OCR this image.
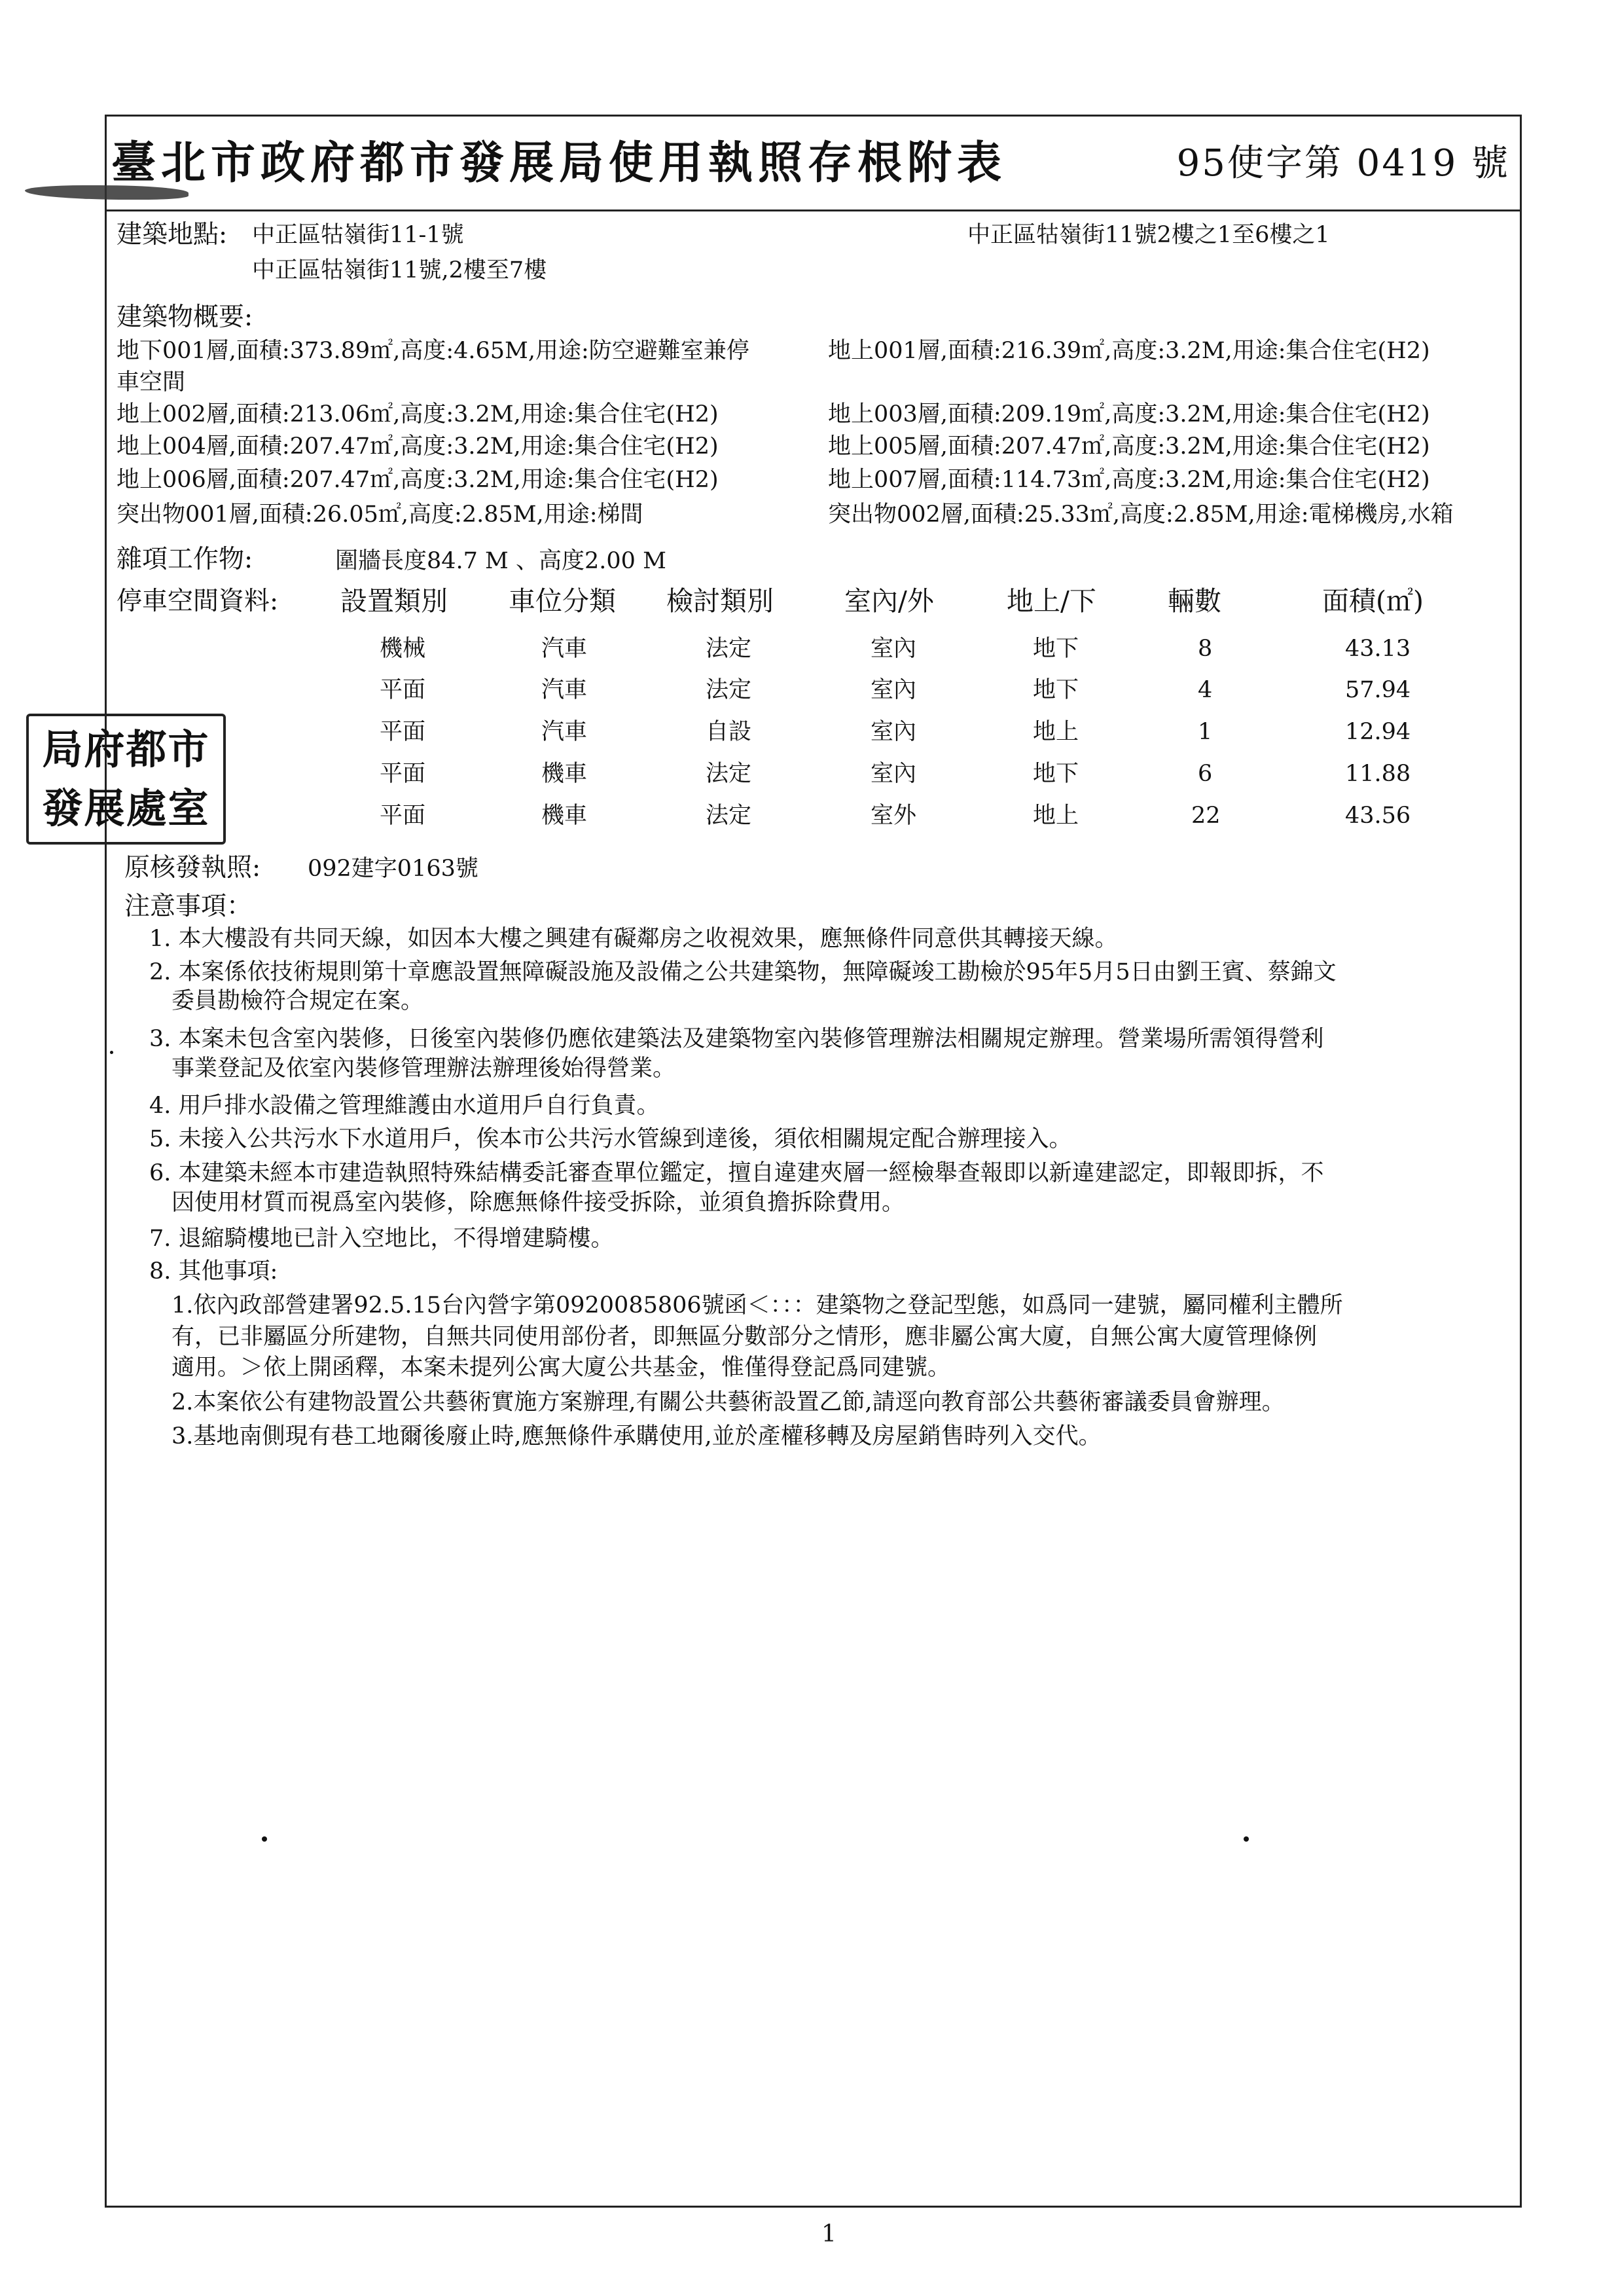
臺北市政府都市發展局使用執照存根附表	95使字第 0419 號
建築地點: 中正區牯嶺街11-1號
中正區牯嶺街11號,2樓至7樓
中正區牯嶺街11號2樓之1至6樓之1
建築物概要:
地下001層,面積:373.89㎡,高度:4.65M,用途:防空避難室兼停	地上001層,面積:216.39㎡,高度:3.2M,用途:集合住宅(H2)
車空間
地上002層,面積:213.06㎡,高度:3.2M,用途:集合住宅(H2)	地上003層,面積:209.19㎡,高度:3.2M,用途:集合住宅(H2)
地上004層,面積:207.47㎡,高度:3.2M,用途:集合住宅(H2)	地上005層,面積:207.47㎡,高度:3.2M,用途:集合住宅(H2)
地上006層,面積:207.47㎡,高度:3.2M,用途:集合住宅(H2)	地上007層,面積:114.73㎡,高度:3.2M,用途:集合住宅(H2)
突出物001層,面積:26.05㎡,高度:2.85M,用途:梯間	突出物002層,面積:25.33㎡,高度:2.85M,用途:電梯機房,水箱
雜項工作物:	圍牆長度84.7 M 、高度2.00 M
停車空間資料: 設置類別 車位分類 檢討類別	室內/外	地上/下	輛數	面積(㎡)
機械	汽車	法定	室內	地下	8	43.13
平面	汽車	法定	室內	地下	4	57.94
平面	汽車	自設	室內	地上	1	12.94
平面	機車	法定	室內	地下	6	11.88
平面	機車	法定	室外	地上	22	43.56
局府都市
發展處室
原核發執照: 092建字0163號
注意事項：
1. 本大樓設有共同天線，如因本大樓之興建有礙鄰房之收視效果，應無條件同意供其轉接天線。
2. 本案係依技術規則第十章應設置無障礙設施及設備之公共建築物，無障礙竣工勘檢於95年5月5日由劉王賓、蔡錦文
委員勘檢符合規定在案。
3. 本案未包含室內裝修，日後室內裝修仍應依建築法及建築物室內裝修管理辦法相關規定辦理。營業場所需領得營利
事業登記及依室內裝修管理辦法辦理後始得營業。
4. 用戶排水設備之管理維護由水道用戶自行負責。
5. 未接入公共污水下水道用戶，俟本市公共污水管線到達後，須依相關規定配合辦理接入。
6. 本建築未經本市建造執照特殊結構委託審查單位鑑定，擅自違建夾層一經檢舉查報即以新違建認定，即報即拆，不
因使用材質而視爲室內裝修，除應無條件接受拆除，並須負擔拆除費用。
7. 退縮騎樓地已計入空地比，不得增建騎樓。
8. 其他事項:
1.依內政部營建署92.5.15台內營字第0920085806號函＜：：：建築物之登記型態，如爲同一建號，屬同權利主體所
有，已非屬區分所建物，自無共同使用部份者，即無區分數部分之情形，應非屬公寓大廈，自無公寓大廈管理條例
適用。＞依上開函釋，本案未提列公寓大廈公共基金，惟僅得登記爲同建號。
2.本案依公有建物設置公共藝術實施方案辦理,有關公共藝術設置乙節,請逕向教育部公共藝術審議委員會辦理。
3.基地南側現有巷工地爾後廢止時,應無條件承購使用,並於產權移轉及房屋銷售時列入交代。
1
